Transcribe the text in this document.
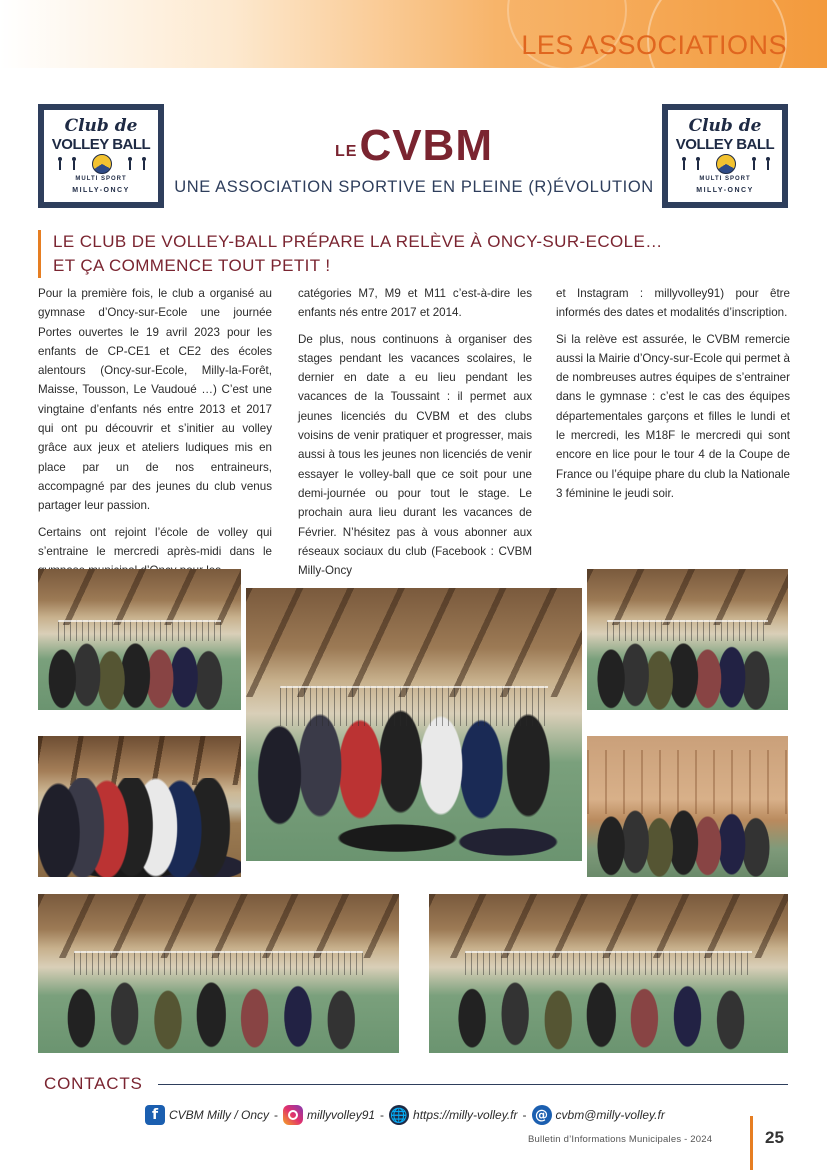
LES ASSOCIATIONS
Club de
VOLLEY BALL
MULTI SPORT
MILLY-ONCY
Club de
VOLLEY BALL
MULTI SPORT
MILLY-ONCY
LECVBM
UNE ASSOCIATION SPORTIVE EN PLEINE (R)ÉVOLUTION
LE CLUB DE VOLLEY-BALL PRÉPARE LA RELÈVE À ONCY-SUR-ECOLE…
ET ÇA COMMENCE TOUT PETIT !

Pour la première fois, le club a organisé au gymnase d’Oncy-sur-Ecole une journée Portes ouvertes le 19 avril 2023 pour les enfants de CP-CE1 et CE2 des écoles alentours (Oncy-sur-Ecole, Milly-la-Forêt, Maisse, Tousson, Le Vaudoué …) C’est une vingtaine d’enfants nés entre 2013 et 2017 qui ont pu découvrir et s’initier au volley grâce aux jeux et ateliers ludiques mis en place par un de nos entraineurs, accompagné par des jeunes du club venus partager leur passion.

Certains ont rejoint l’école de volley qui s’entraine le mercredi après-midi dans le

catégories M7, M9 et M11 c’est-à-dire les enfants nés entre 2017 et 2014.

De plus, nous continuons à organiser des stages pendant les vacances scolaires, le dernier en date a eu lieu pendant les vacances de la Toussaint : il permet aux jeunes licenciés du CVBM et des clubs voisins de venir pratiquer et progresser, mais aussi à tous les jeunes non licenciés de venir essayer le volley-ball que ce soit pour une demi-journée ou pour tout le stage. Le prochain aura lieu durant les vacances de Février. N’hésitez pas à vous abonner aux réseaux sociaux du club (Facebook : CVBM Milly-Oncy

et Instagram : millyvolley91) pour être informés des dates et modalités d’inscription.

Si la relève est assurée, le CVBM remercie aussi la Mairie d’Oncy-sur-Ecole qui permet à de nombreuses autres équipes de s’entrainer dans le gymnase : c’est le cas des équipes départementales garçons et filles le lundi et le mercredi, les M18F le mercredi qui sont encore en lice pour le tour 4 de la Coupe de France ou l’équipe phare du club la Nationale 3 féminine le jeudi soir.

CONTACTS
f CVBM Milly / Oncy - millyvolley91 - 🌐 https://milly-volley.fr - @ cvbm@milly-volley.fr
Bulletin d’Informations Municipales - 2024	25
